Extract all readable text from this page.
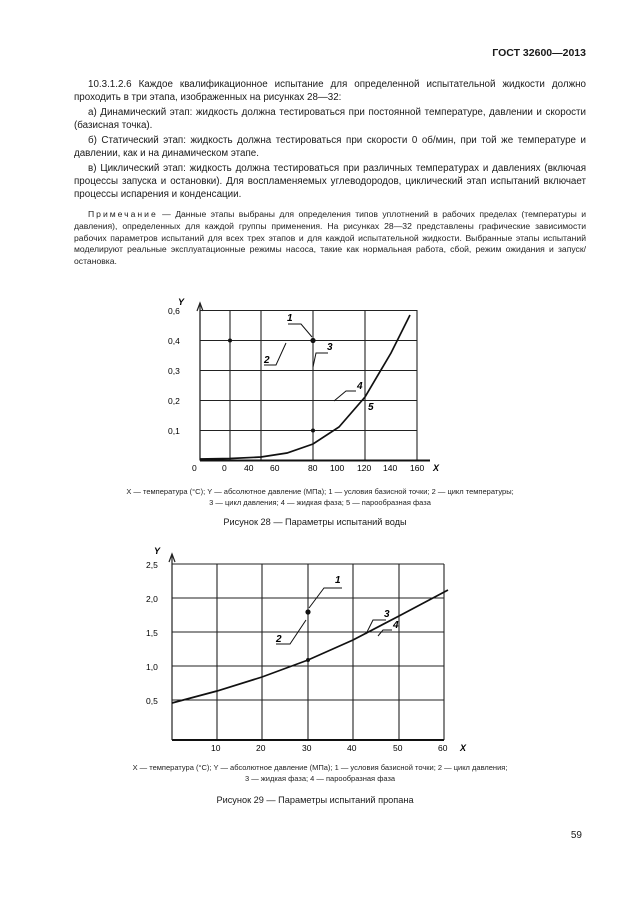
ГОСТ 32600—2013
10.3.1.2.6 Каждое квалификационное испытание для определенной испытательной жидкости должно проходить в три этапа, изображенных на рисунках 28—32:
а) Динамический этап: жидкость должна тестироваться при постоянной температуре, давлении и скорости (базисная точка).
б) Статический этап: жидкость должна тестироваться при скорости 0 об/мин, при той же температуре и давлении, как и на динамическом этапе.
в) Циклический этап: жидкость должна тестироваться при различных температурах и давлениях (включая процессы запуска и остановки). Для воспламеняемых углеводородов, циклический этап испытаний включает процессы испарения и конденсации.
Примечание — Данные этапы выбраны для определения типов уплотнений в рабочих пределах (температуры и давления), определенных для каждой группы применения. На рисунках 28—32 представлены графические зависимости рабочих параметров испытаний для всех трех этапов и для каждой испытательной жидкости. Выбранные этапы испытаний моделируют реальные эксплуатационные режимы насоса, такие как нормальная работа, сбой, режим ожидания и запуск/остановка.
0,6
0,4
0,3
0,2
0,1
0
Y
0 40 60	80 100 120 140 160 X
1
2
3
4
5

X — температура (°С); Y — абсолютное давление (МПа); 1 — условия базисной точки; 2 — цикл температуры;

3 — цикл давления; 4 — жидкая фаза; 5 — парообразная фаза

Рисунок 28 — Параметры испытаний воды
2,5
2,0
1,5
1,0
0,5
Y
10	20	30	40	50	60 X
1
2
3
4

X — температура (°С); Y — абсолютное давление (МПа); 1 — условия базисной точки; 2 — цикл давления;

3 — жидкая фаза; 4 — парообразная фаза

Рисунок 29 — Параметры испытаний пропана
59
